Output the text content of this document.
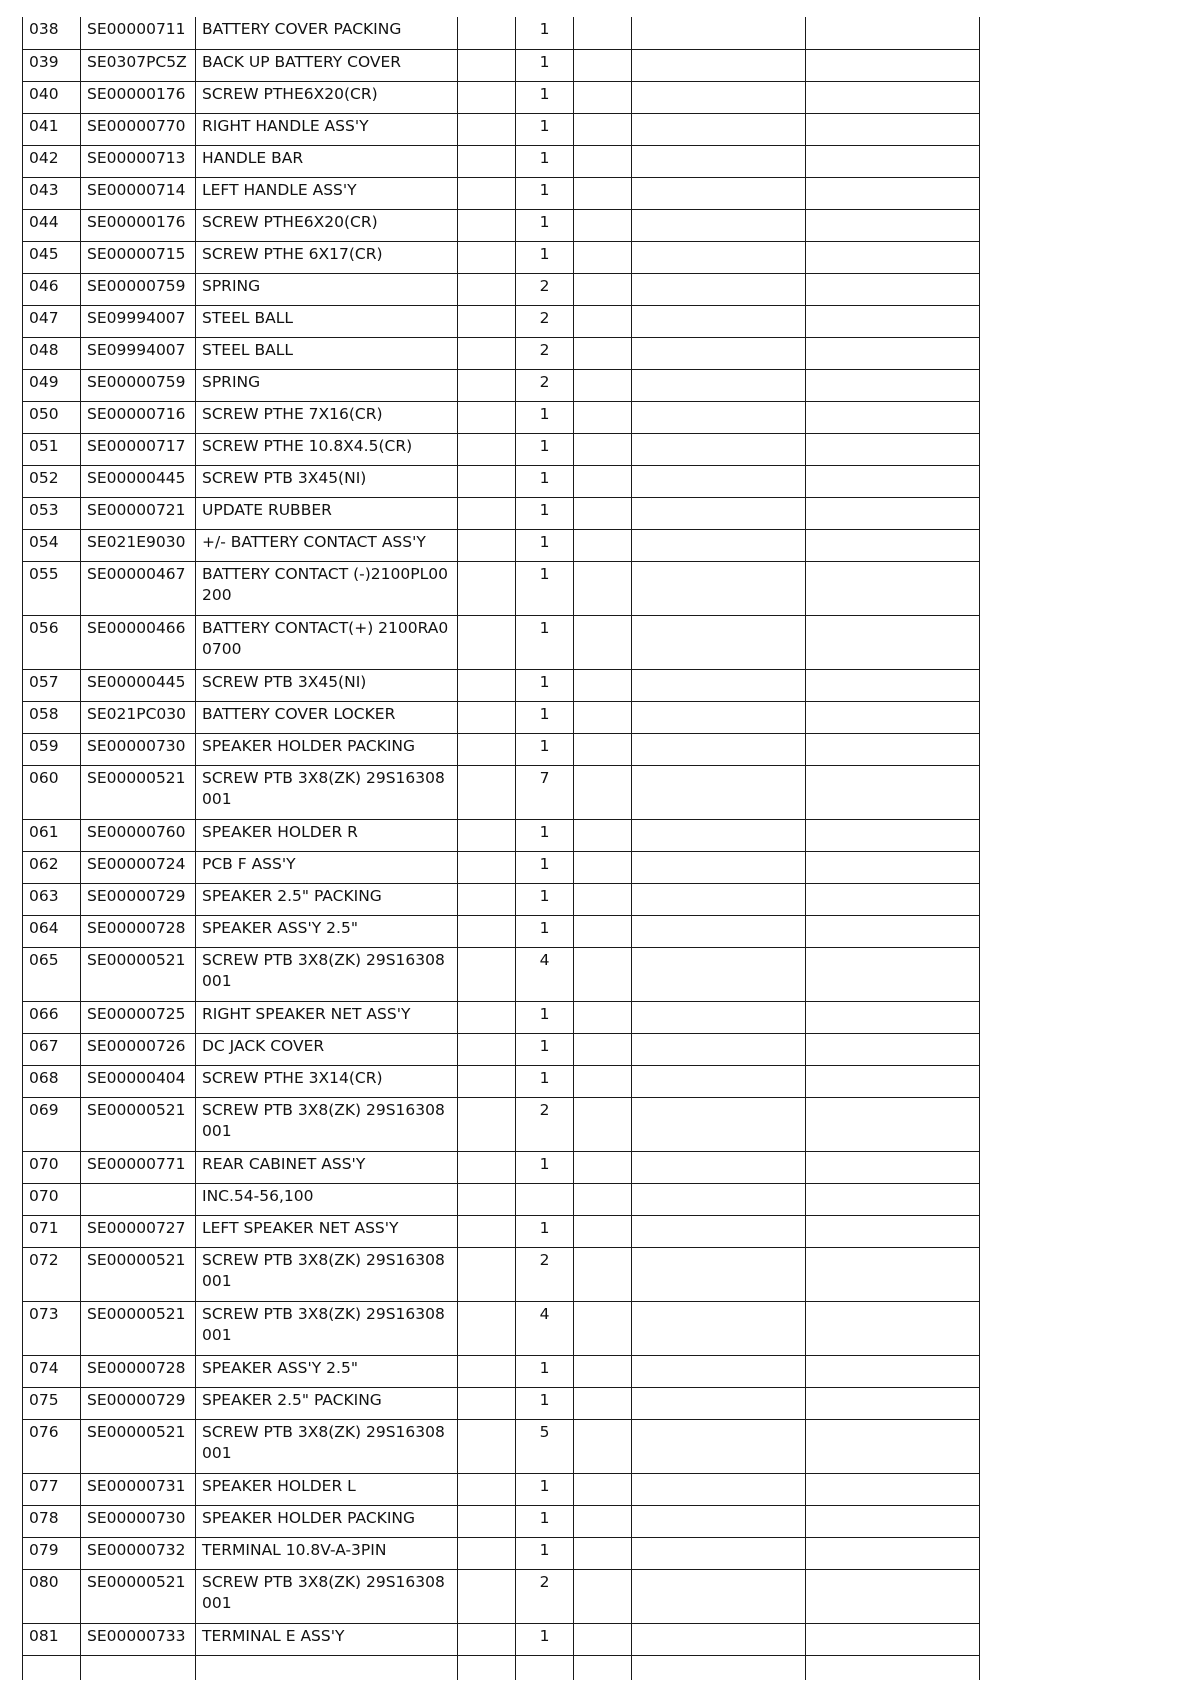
038	SE00000711	BATTERY COVER PACKING		1			
039	SE0307PC5Z	BACK UP BATTERY COVER		1			
040	SE00000176	SCREW PTHE6X20(CR)		1			
041	SE00000770	RIGHT HANDLE ASS'Y		1			
042	SE00000713	HANDLE BAR		1			
043	SE00000714	LEFT HANDLE ASS'Y		1			
044	SE00000176	SCREW PTHE6X20(CR)		1			
045	SE00000715	SCREW PTHE 6X17(CR)		1			
046	SE00000759	SPRING		2			
047	SE09994007	STEEL BALL		2			
048	SE09994007	STEEL BALL		2			
049	SE00000759	SPRING		2			
050	SE00000716	SCREW PTHE 7X16(CR)		1			
051	SE00000717	SCREW PTHE 10.8X4.5(CR)		1			
052	SE00000445	SCREW PTB 3X45(NI)		1			
053	SE00000721	UPDATE RUBBER		1			
054	SE021E9030	+/- BATTERY CONTACT ASS'Y		1			
055	SE00000467	BATTERY CONTACT (-)2100PL00200		1			
056	SE00000466	BATTERY CONTACT(+) 2100RA00700		1			
057	SE00000445	SCREW PTB 3X45(NI)		1			
058	SE021PC030	BATTERY COVER LOCKER		1			
059	SE00000730	SPEAKER HOLDER PACKING		1			
060	SE00000521	SCREW PTB 3X8(ZK) 29S16308001		7			
061	SE00000760	SPEAKER HOLDER R		1			
062	SE00000724	PCB F ASS'Y		1			
063	SE00000729	SPEAKER 2.5" PACKING		1			
064	SE00000728	SPEAKER ASS'Y 2.5"		1			
065	SE00000521	SCREW PTB 3X8(ZK) 29S16308001		4			
066	SE00000725	RIGHT SPEAKER NET ASS'Y		1			
067	SE00000726	DC JACK COVER		1			
068	SE00000404	SCREW PTHE 3X14(CR)		1			
069	SE00000521	SCREW PTB 3X8(ZK) 29S16308001		2			
070	SE00000771	REAR CABINET ASS'Y		1			
070		INC.54-56,100					
071	SE00000727	LEFT SPEAKER NET ASS'Y		1			
072	SE00000521	SCREW PTB 3X8(ZK) 29S16308001		2			
073	SE00000521	SCREW PTB 3X8(ZK) 29S16308001		4			
074	SE00000728	SPEAKER ASS'Y 2.5"		1			
075	SE00000729	SPEAKER 2.5" PACKING		1			
076	SE00000521	SCREW PTB 3X8(ZK) 29S16308001		5			
077	SE00000731	SPEAKER HOLDER L		1			
078	SE00000730	SPEAKER HOLDER PACKING		1			
079	SE00000732	TERMINAL 10.8V-A-3PIN		1			
080	SE00000521	SCREW PTB 3X8(ZK) 29S16308001		2			
081	SE00000733	TERMINAL E ASS'Y		1			
